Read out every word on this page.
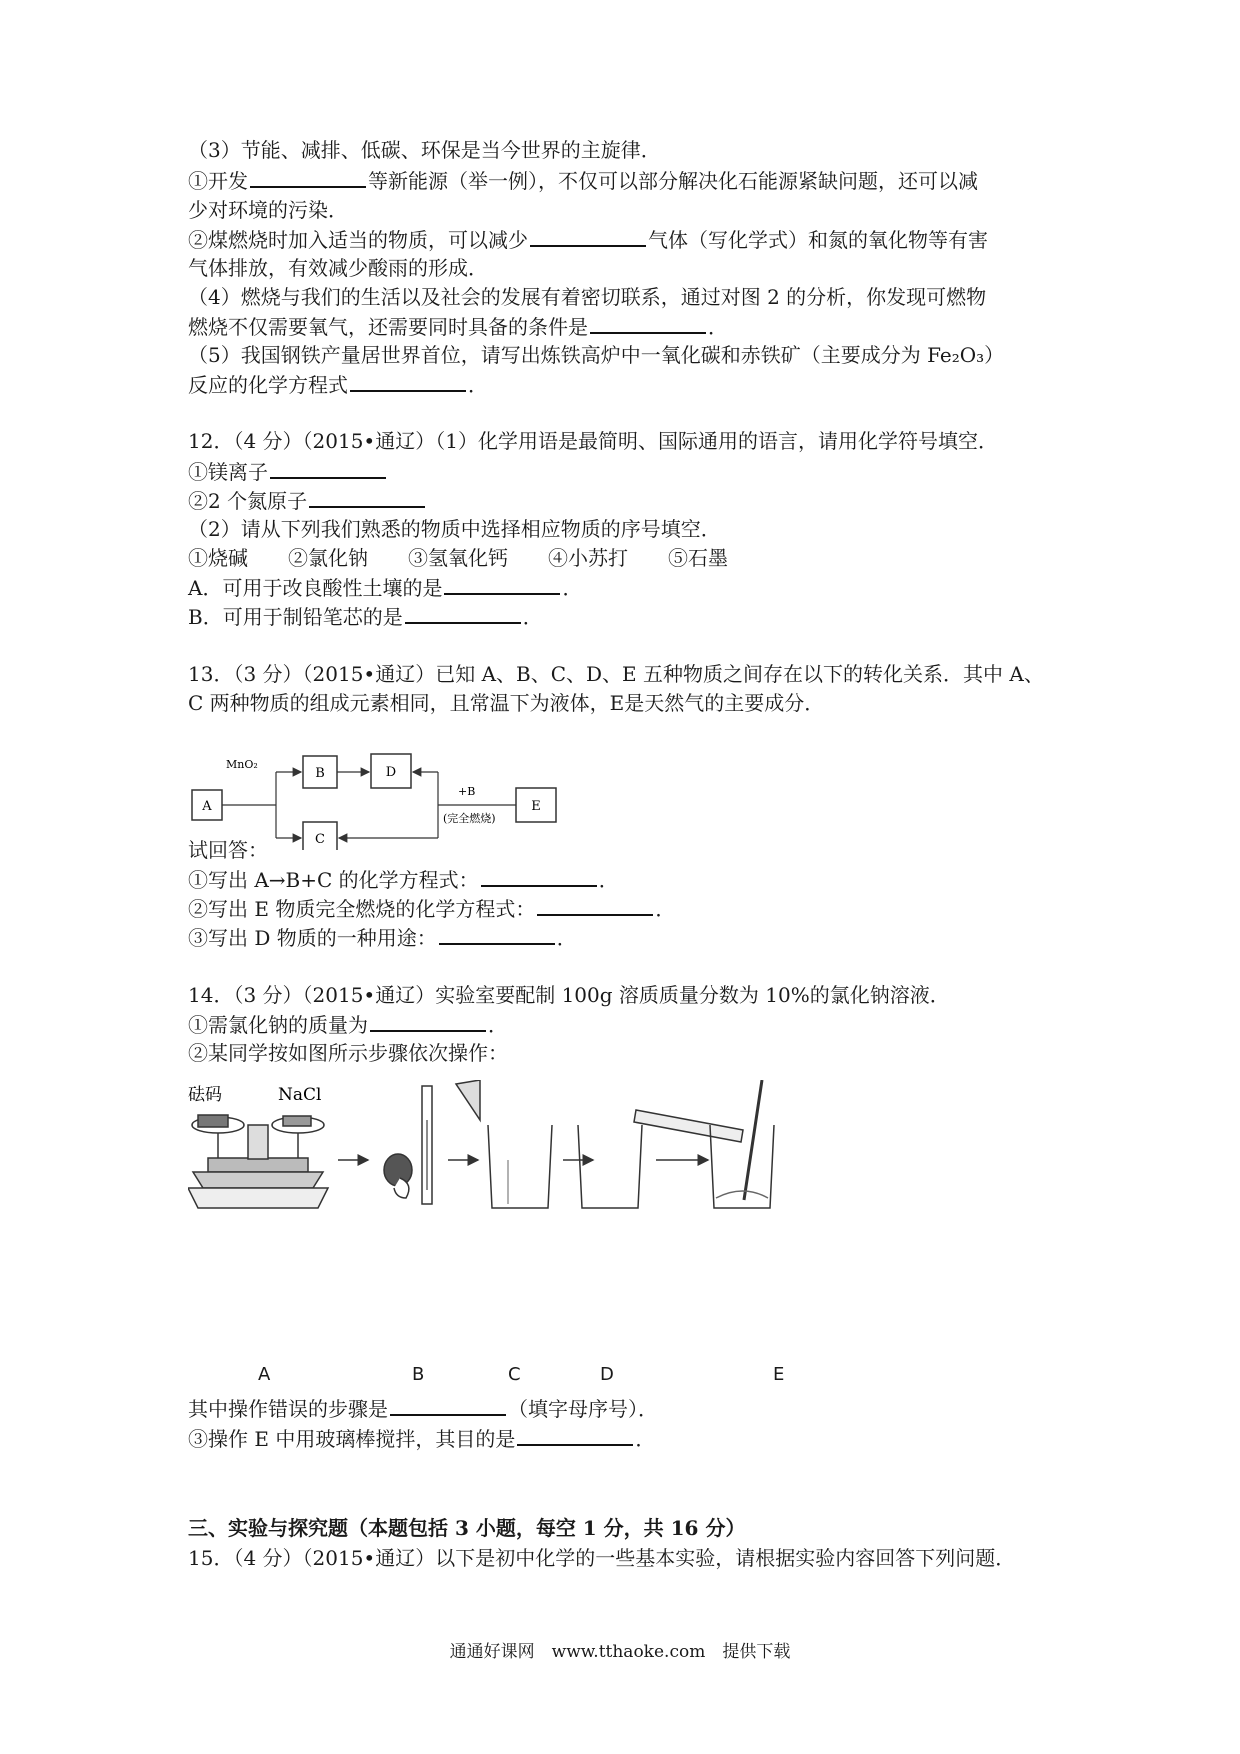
（3）节能、减排、低碳、环保是当今世界的主旋律．
①开发	等新能源（举一例），不仅可以部分解决化石能源紧缺问题，还可以减
少对环境的污染．
②煤燃烧时加入适当的物质，可以减少	气体（写化学式）和氮的氧化物等有害
气体排放，有效减少酸雨的形成．
（4）燃烧与我们的生活以及社会的发展有着密切联系，通过对图 2 的分析，你发现可燃物
燃烧不仅需要氧气，还需要同时具备的条件是	．
（5）我国钢铁产量居世界首位，请写出炼铁高炉中一氧化碳和赤铁矿（主要成分为 Fe₂O₃）
反应的化学方程式	．
12．（4 分）（2015•通辽）（1）化学用语是最简明、国际通用的语言，请用化学符号填空．
①镁离子
②2 个氮原子
（2）请从下列我们熟悉的物质中选择相应物质的序号填空．
①烧碱　　②氯化钠　　③氢氧化钙　　④小苏打　　⑤石墨
A．可用于改良酸性土壤的是	．
B．可用于制铅笔芯的是	．
13．（3 分）（2015•通辽）已知 A、B、C、D、E 五种物质之间存在以下的转化关系．其中 A、
C 两种物质的组成元素相同，且常温下为液体，E是天然气的主要成分．
A
B	D
C
E
MnO₂
+B
(完全燃烧)
试回答：
①写出 A→B+C 的化学方程式：	．
②写出 E 物质完全燃烧的化学方程式：	．
③写出 D 物质的一种用途：	．
14．（3 分）（2015•通辽）实验室要配制 100g 溶质质量分数为 10%的氯化钠溶液．
①需氯化钠的质量为	．
②某同学按如图所示步骤依次操作：
砝码	NaCl
A	B	C	D	E
其中操作错误的步骤是	（填字母序号）．
③操作 E 中用玻璃棒搅拌，其目的是	．
三、实验与探究题（本题包括 3 小题，每空 1 分，共 16 分）
15．（4 分）（2015•通辽）以下是初中化学的一些基本实验，请根据实验内容回答下列问题．
通通好课网　www.tthaoke.com　提供下载
